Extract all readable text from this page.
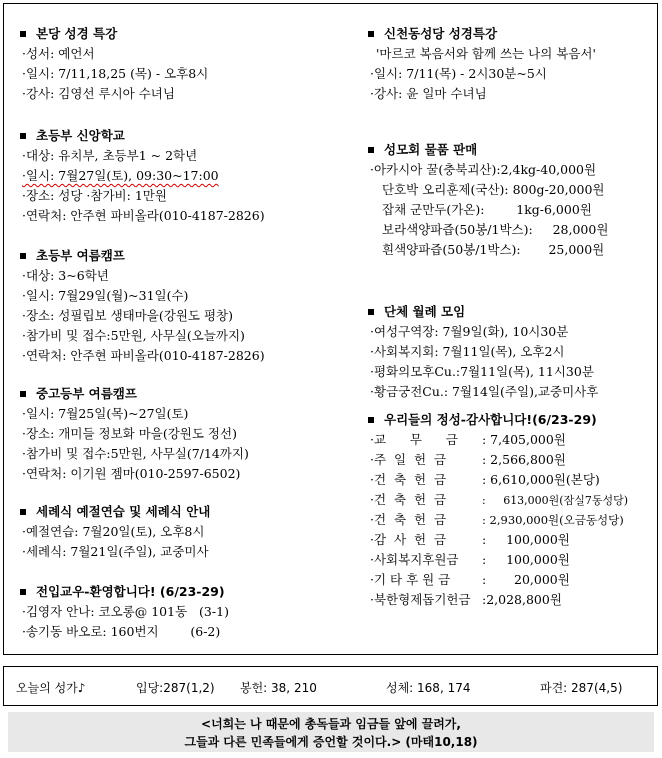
본당 성경 특강
·성서: 예언서
·일시: 7/11,18,25 (목) - 오후8시
·강사: 김영선 루시아 수녀님
초등부 신앙학교
·대상: 유치부, 초등부1 ~ 2학년
·일시: 7월27일(토), 09:30~17:00
·장소: 성당 ·참가비: 1만원
·연락처: 안주현 파비올라(010-4187-2826)
초등부 여름캠프
·대상: 3~6학년
·일시: 7월29일(월)~31일(수)
·장소: 성필립보 생태마을(강원도 평창)
·참가비 및 접수:5만원, 사무실(오늘까지)
·연락처: 안주현 파비올라(010-4187-2826)
중고등부 여름캠프
·일시: 7월25일(목)~27일(토)
·장소: 개미들 정보화 마을(강원도 정선)
·참가비 및 접수:5만원, 사무실(7/14까지)
·연락처: 이기원 젬마(010-2597-6502)
세례식 예절연습 및 세례식 안내
·예절연습: 7월20일(토), 오후8시
·세례식: 7월21일(주일), 교중미사
전입교우-환영합니다! (6/23-29)
·김영자 안나: 코오롱@ 101동   (3-1)
·송기동 바오로: 160번지        (6-2)
신천동성당 성경특강
'마르코 복음서와 함께 쓰는 나의 복음서'
·일시: 7/11(목) - 2시30분~5시
·강사: 윤 일마 수녀님
성모회 물품 판매
·아카시아 꿀(충북괴산):2,4kg-40,000원
단호박 오리훈제(국산): 800g-20,000원
잡채 군만두(가온):        1kg-6,000원
보라색양파즙(50봉/1박스):     28,000원
흰색양파즙(50봉/1박스):       25,000원
단체 월례 모임
·여성구역장: 7월9일(화), 10시30분
·사회복지회: 7월11일(목), 오후2시
·평화의모후Cu.:7월11일(목), 11시30분
·황금궁전Cu.: 7월14일(주일),교중미사후
우리들의 정성-감사합니다!(6/23-29)
·교      무      금 : 7,405,000원
·주  일  헌  금	: 2,566,800원
·건  축  헌  금	: 6,610,000원(본당)
·건  축  헌  금	:     613,000원(잠실7동성당)
·건  축  헌  금	: 2,930,000원(오금동성당)
·감  사  헌  금	:     100,000원
·사회복지후원금 :     100,000원
·기 타 후 원 금	:       20,000원
·북한형제돕기헌금 :2,028,800원
오늘의 성가♪	입당:287(1,2) 봉헌: 38, 210	성체: 168, 174	파견: 287(4,5)
<너희는 나 때문에 총독들과 임금들 앞에 끌려가,
그들과 다른 민족들에게 증언할 것이다.> (마태10,18)
